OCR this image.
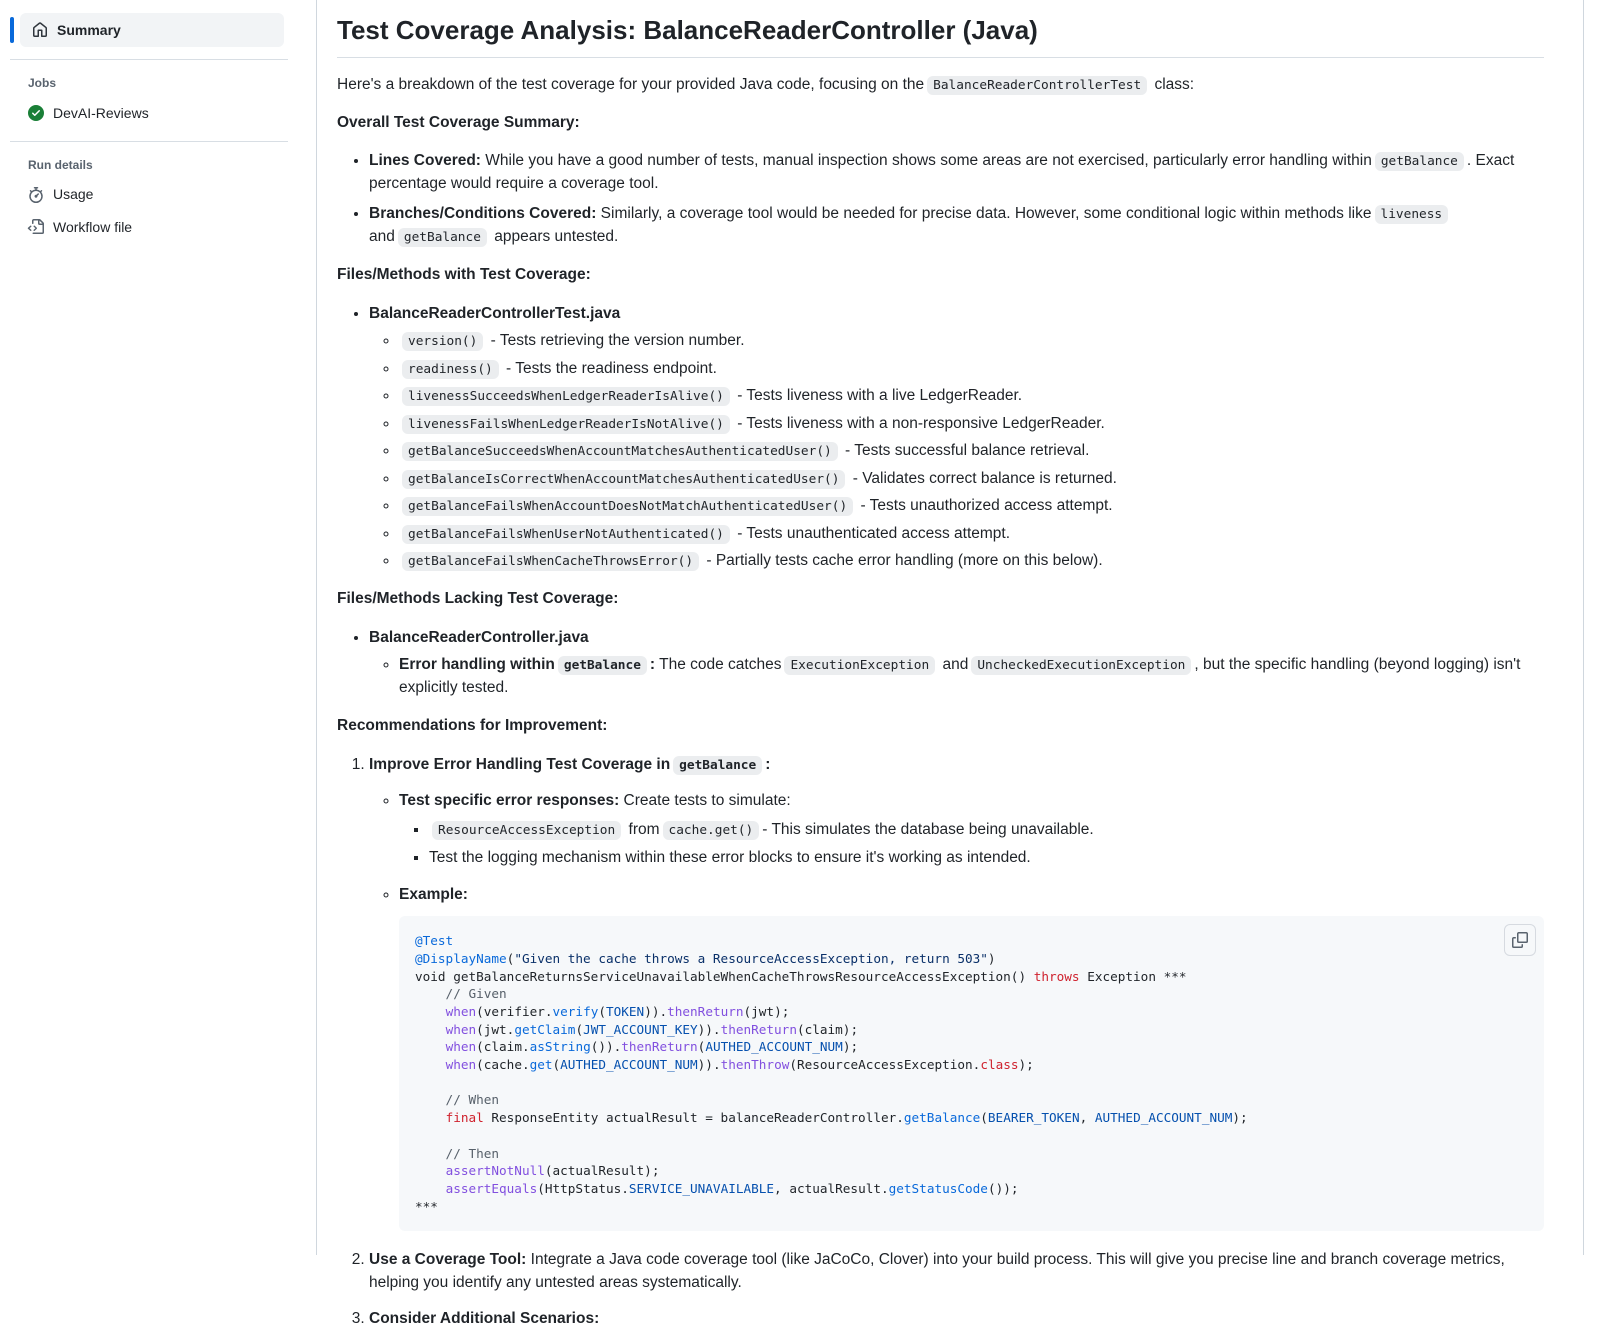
Summary
Jobs
DevAI-Reviews
Run details
Usage
Workflow file
Test Coverage Analysis: BalanceReaderController (Java)

Here's a breakdown of the test coverage for your provided Java code, focusing on the BalanceReaderControllerTest class:

Overall Test Coverage Summary:

• Lines Covered: While you have a good number of tests, manual inspection shows some areas are not exercised, particularly error handling within getBalance . Exact percentage would require a coverage tool.

• Branches/Conditions Covered: Similarly, a coverage tool would be needed for precise data. However, some conditional logic within methods like liveness and getBalance appears untested.

Files/Methods with Test Coverage:

• BalanceReaderControllerTest.java

◦ version() - Tests retrieving the version number.

◦ readiness() - Tests the readiness endpoint.

◦ livenessSucceedsWhenLedgerReaderIsAlive() - Tests liveness with a live LedgerReader.

◦ livenessFailsWhenLedgerReaderIsNotAlive() - Tests liveness with a non-responsive LedgerReader.

◦ getBalanceSucceedsWhenAccountMatchesAuthenticatedUser() - Tests successful balance retrieval.

◦ getBalanceIsCorrectWhenAccountMatchesAuthenticatedUser() - Validates correct balance is returned.

◦ getBalanceFailsWhenAccountDoesNotMatchAuthenticatedUser() - Tests unauthorized access attempt.

◦ getBalanceFailsWhenUserNotAuthenticated() - Tests unauthenticated access attempt.

◦ getBalanceFailsWhenCacheThrowsError() - Partially tests cache error handling (more on this below).

Files/Methods Lacking Test Coverage:

• BalanceReaderController.java

◦ Error handling within getBalance : The code catches ExecutionException and UncheckedExecutionException , but the specific handling (beyond logging) isn't explicitly tested.

Recommendations for Improvement:

1. Improve Error Handling Test Coverage in getBalance :

◦ Test specific error responses: Create tests to simulate:

▪ ResourceAccessException from cache.get() - This simulates the database being unavailable.

▪ Test the logging mechanism within these error blocks to ensure it's working as intended.

◦ Example:

@Test
@DisplayName("Given the cache throws a ResourceAccessException, return 503")
void getBalanceReturnsServiceUnavailableWhenCacheThrowsResourceAccessException() throws Exception ***
// Given
when(verifier.verify(TOKEN)).thenReturn(jwt);
when(jwt.getClaim(JWT_ACCOUNT_KEY)).thenReturn(claim);
when(claim.asString()).thenReturn(AUTHED_ACCOUNT_NUM);
when(cache.get(AUTHED_ACCOUNT_NUM)).thenThrow(ResourceAccessException.class);

// When
final ResponseEntity actualResult = balanceReaderController.getBalance(BEARER_TOKEN, AUTHED_ACCOUNT_NUM);

// Then
assertNotNull(actualResult);
assertEquals(HttpStatus.SERVICE_UNAVAILABLE, actualResult.getStatusCode());
***

2. Use a Coverage Tool: Integrate a Java code coverage tool (like JaCoCo, Clover) into your build process. This will give you precise line and branch coverage metrics, helping you identify any untested areas systematically.

3. Consider Additional Scenarios:
